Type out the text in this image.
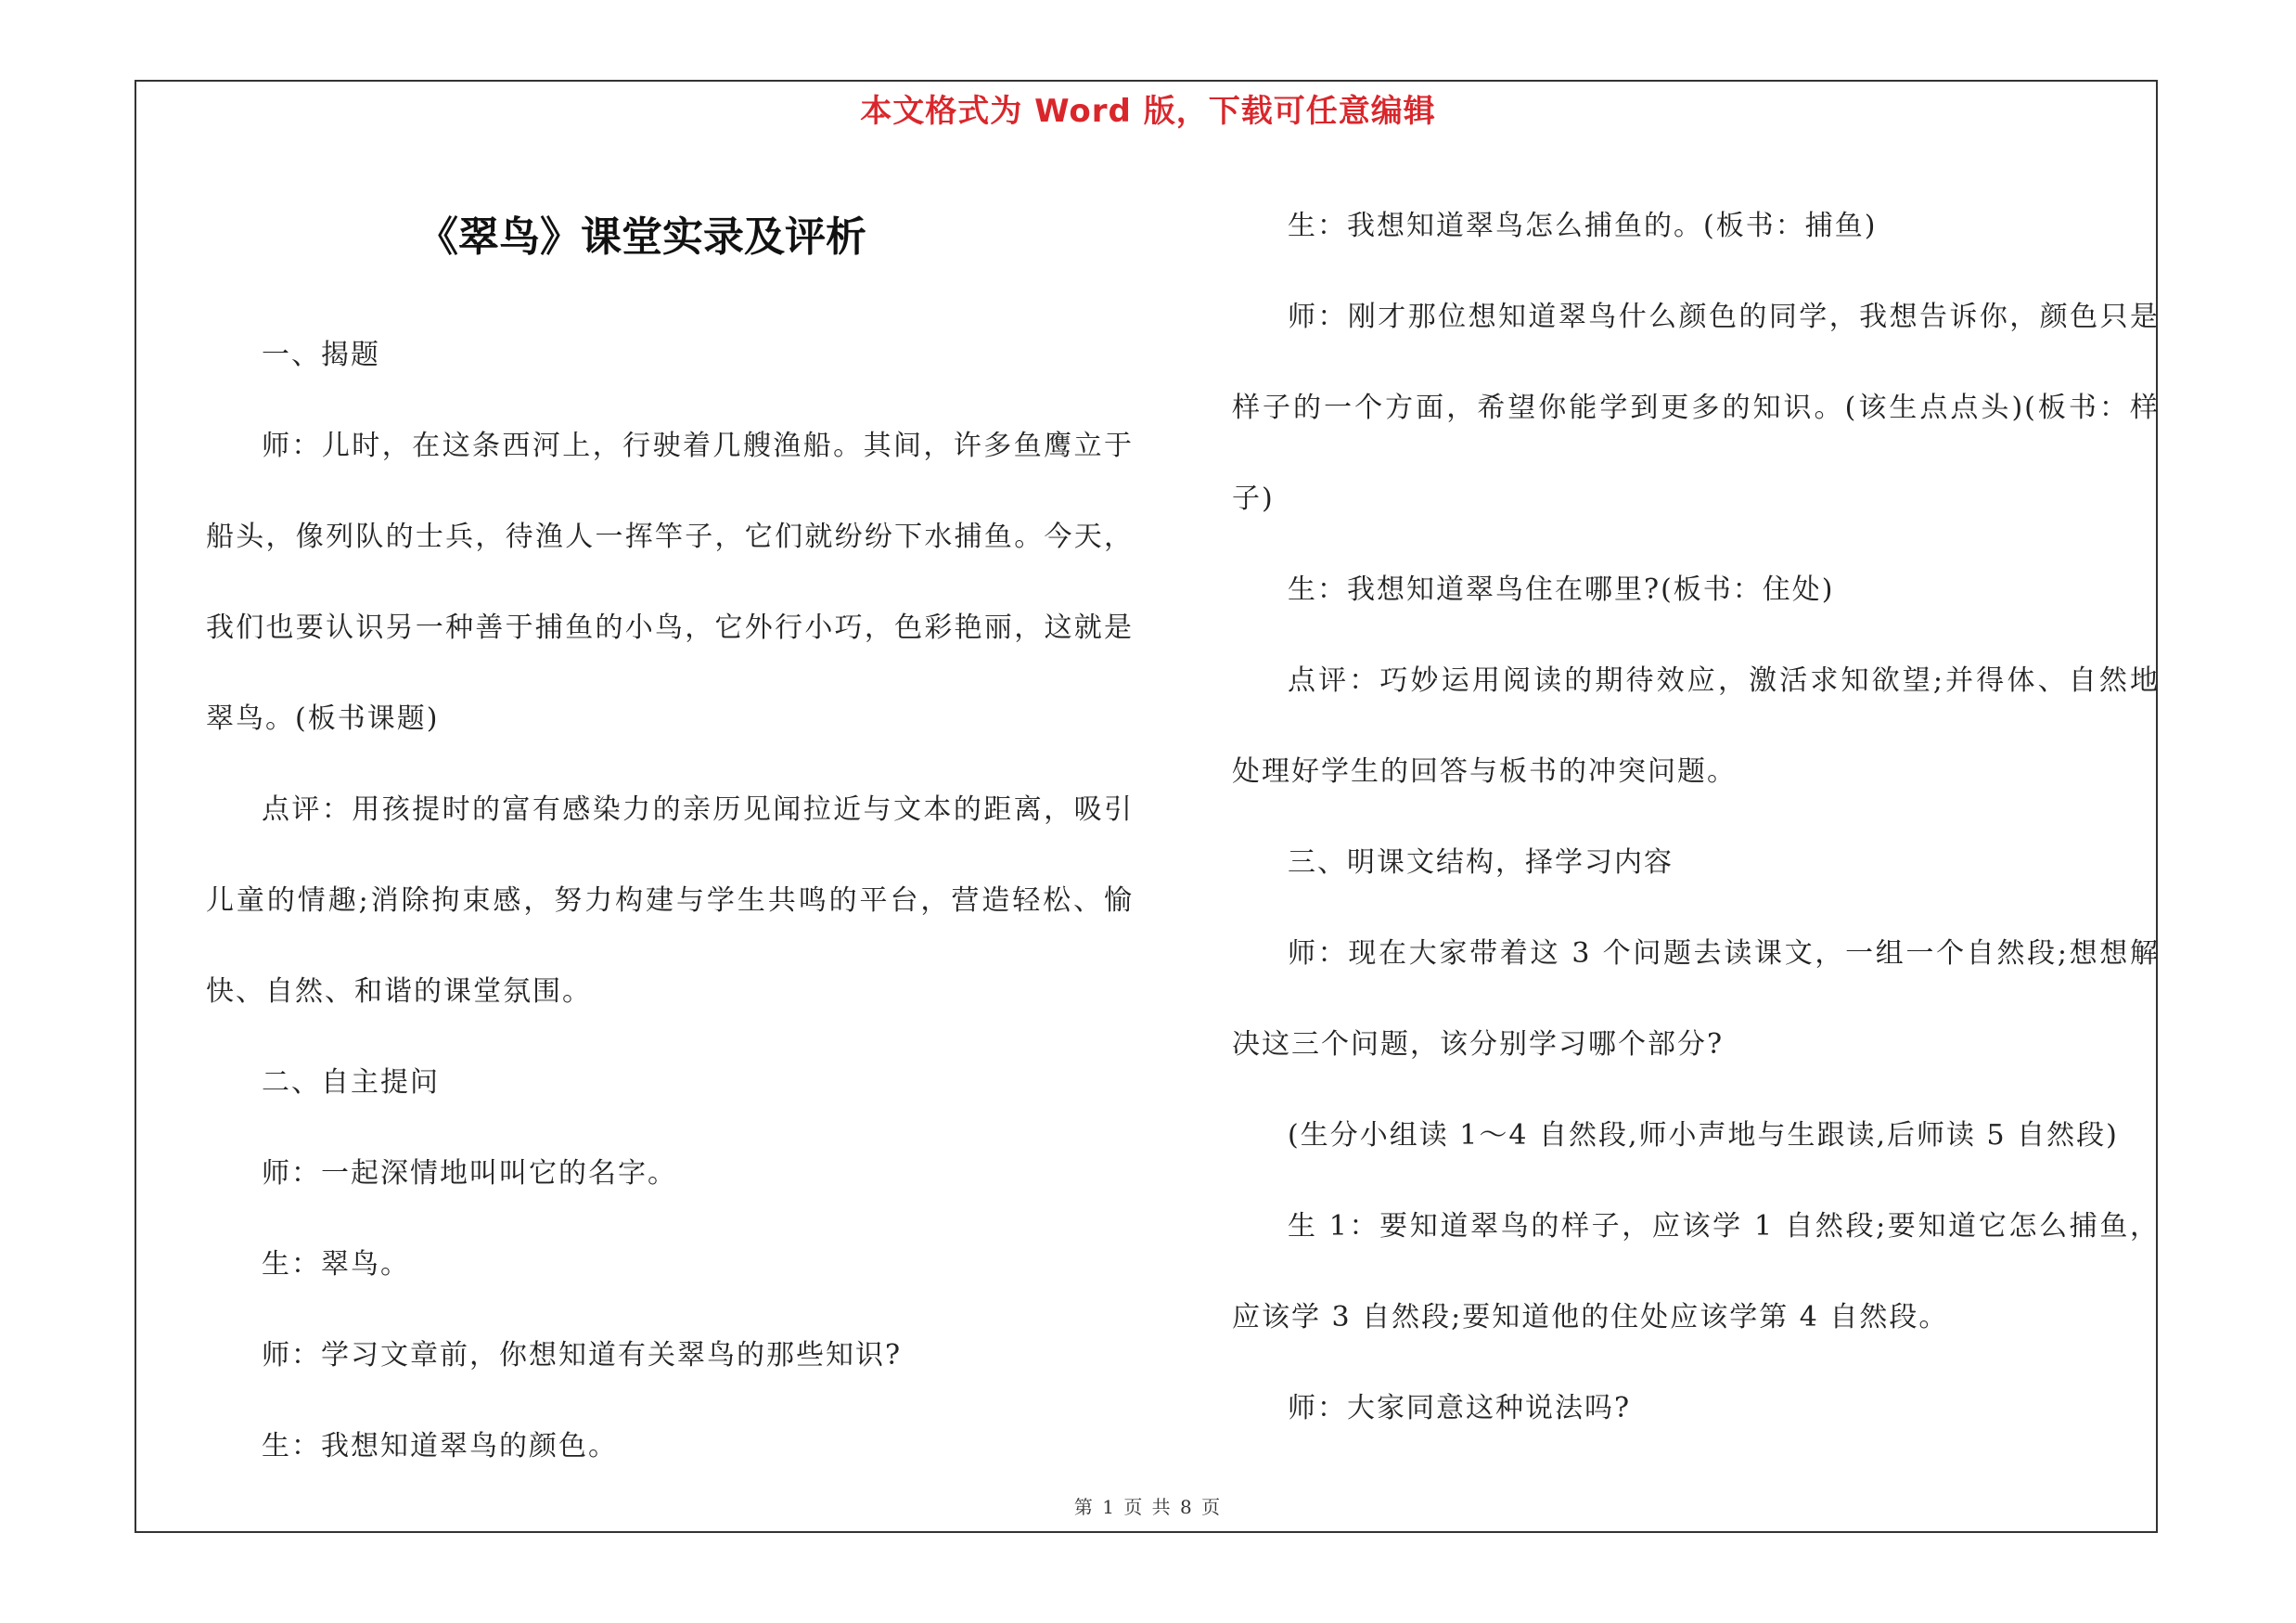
本文格式为 Word 版，下载可任意编辑
《翠鸟》课堂实录及评析

一、揭题

师：儿时，在这条西河上，行驶着几艘渔船。其间，许多鱼鹰立于船头，像列队的士兵，待渔人一挥竿子，它们就纷纷下水捕鱼。今天，我们也要认识另一种善于捕鱼的小鸟，它外行小巧，色彩艳丽，这就是翠鸟。(板书课题)

点评：用孩提时的富有感染力的亲历见闻拉近与文本的距离，吸引儿童的情趣;消除拘束感，努力构建与学生共鸣的平台，营造轻松、愉快、自然、和谐的课堂氛围。

二、自主提问

师：一起深情地叫叫它的名字。

生：翠鸟。

师：学习文章前，你想知道有关翠鸟的那些知识?

生：我想知道翠鸟的颜色。

生：我想知道翠鸟怎么捕鱼的。(板书：捕鱼)

师：刚才那位想知道翠鸟什么颜色的同学，我想告诉你，颜色只是样子的一个方面，希望你能学到更多的知识。(该生点点头)(板书：样子)

生：我想知道翠鸟住在哪里?(板书：住处)

点评：巧妙运用阅读的期待效应，激活求知欲望;并得体、自然地处理好学生的回答与板书的冲突问题。

三、明课文结构，择学习内容

师：现在大家带着这 3 个问题去读课文，一组一个自然段;想想解决这三个问题，该分别学习哪个部分?

(生分小组读 1～4 自然段,师小声地与生跟读,后师读 5 自然段)

生 1：要知道翠鸟的样子，应该学 1 自然段;要知道它怎么捕鱼，应该学 3 自然段;要知道他的住处应该学第 4 自然段。

师：大家同意这种说法吗?

第 1 页 共 8 页
